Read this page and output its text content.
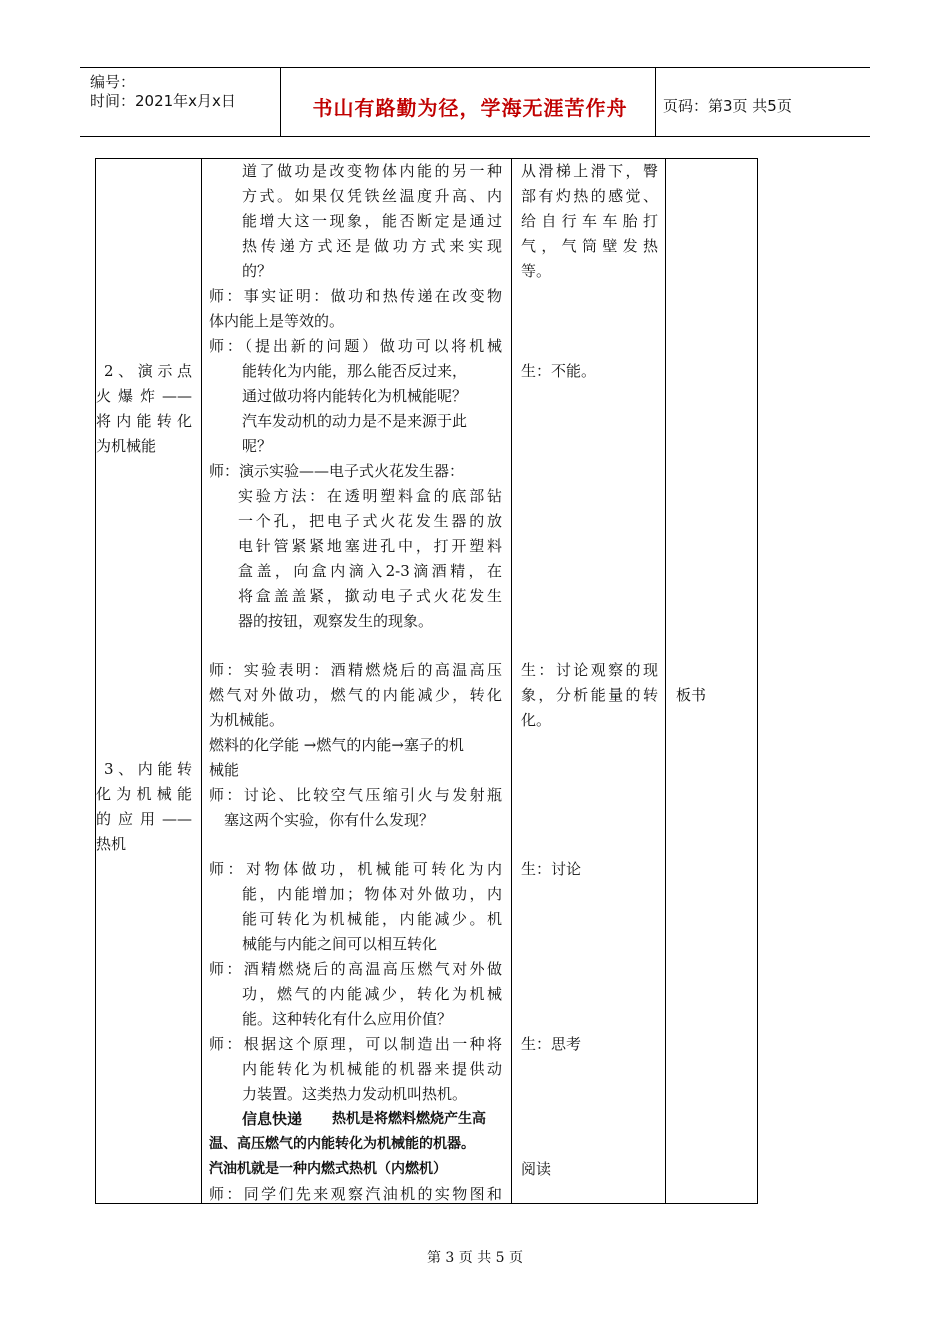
编号：
时间：2021年x月x日	书山有路勤为径，学海无涯苦作舟	页码：第3页 共5页
2、演示点
火爆炸——
将内能转化
为机械能
3、内能转
化为机械能
的应用——
热机
道了做功是改变物体内能的另一种
方式。如果仅凭铁丝温度升高、内
能增大这一现象，能否断定是通过
热传递方式还是做功方式来实现
的？
师：事实证明：做功和热传递在改变物
体内能上是等效的。
师：（提出新的问题）做功可以将机械
能转化为内能，那么能否反过来，
通过做功将内能转化为机械能呢？
汽车发动机的动力是不是来源于此
呢？
师：演示实验——电子式火花发生器：
实验方法：在透明塑料盒的底部钻
一个孔，把电子式火花发生器的放
电针管紧紧地塞进孔中，打开塑料
盒盖，向盒内滴入2-3滴酒精，在
将盒盖盖紧，撳动电子式火花发生
器的按钮，观察发生的现象。
师：实验表明：酒精燃烧后的高温高压
燃气对外做功，燃气的内能减少，转化
为机械能。
燃料的化学能 →燃气的内能→塞子的机
械能
师：讨论、比较空气压缩引火与发射瓶
塞这两个实验，你有什么发现？
师：对物体做功，机械能可转化为内
能，内能增加；物体对外做功，内
能可转化为机械能，内能减少。机
械能与内能之间可以相互转化
师：酒精燃烧后的高温高压燃气对外做
功，燃气的内能减少，转化为机械
能。这种转化有什么应用价值？
师：根据这个原理，可以制造出一种将
内能转化为机械能的机器来提供动
力装置。这类热力发动机叫热机。
信息快递 热机是将燃料燃烧产生高
温、高压燃气的内能转化为机械能的机器。
汽油机就是一种内燃式热机（内燃机）
师：同学们先来观察汽油机的实物图和
从滑梯上滑下，臀
部有灼热的感觉、
给自行车车胎打
气，气筒壁发热
等。
生：不能。
生：讨论观察的现
象，分析能量的转
化。
生：讨论
生：思考
阅读
板书
第 3 页 共 5 页
